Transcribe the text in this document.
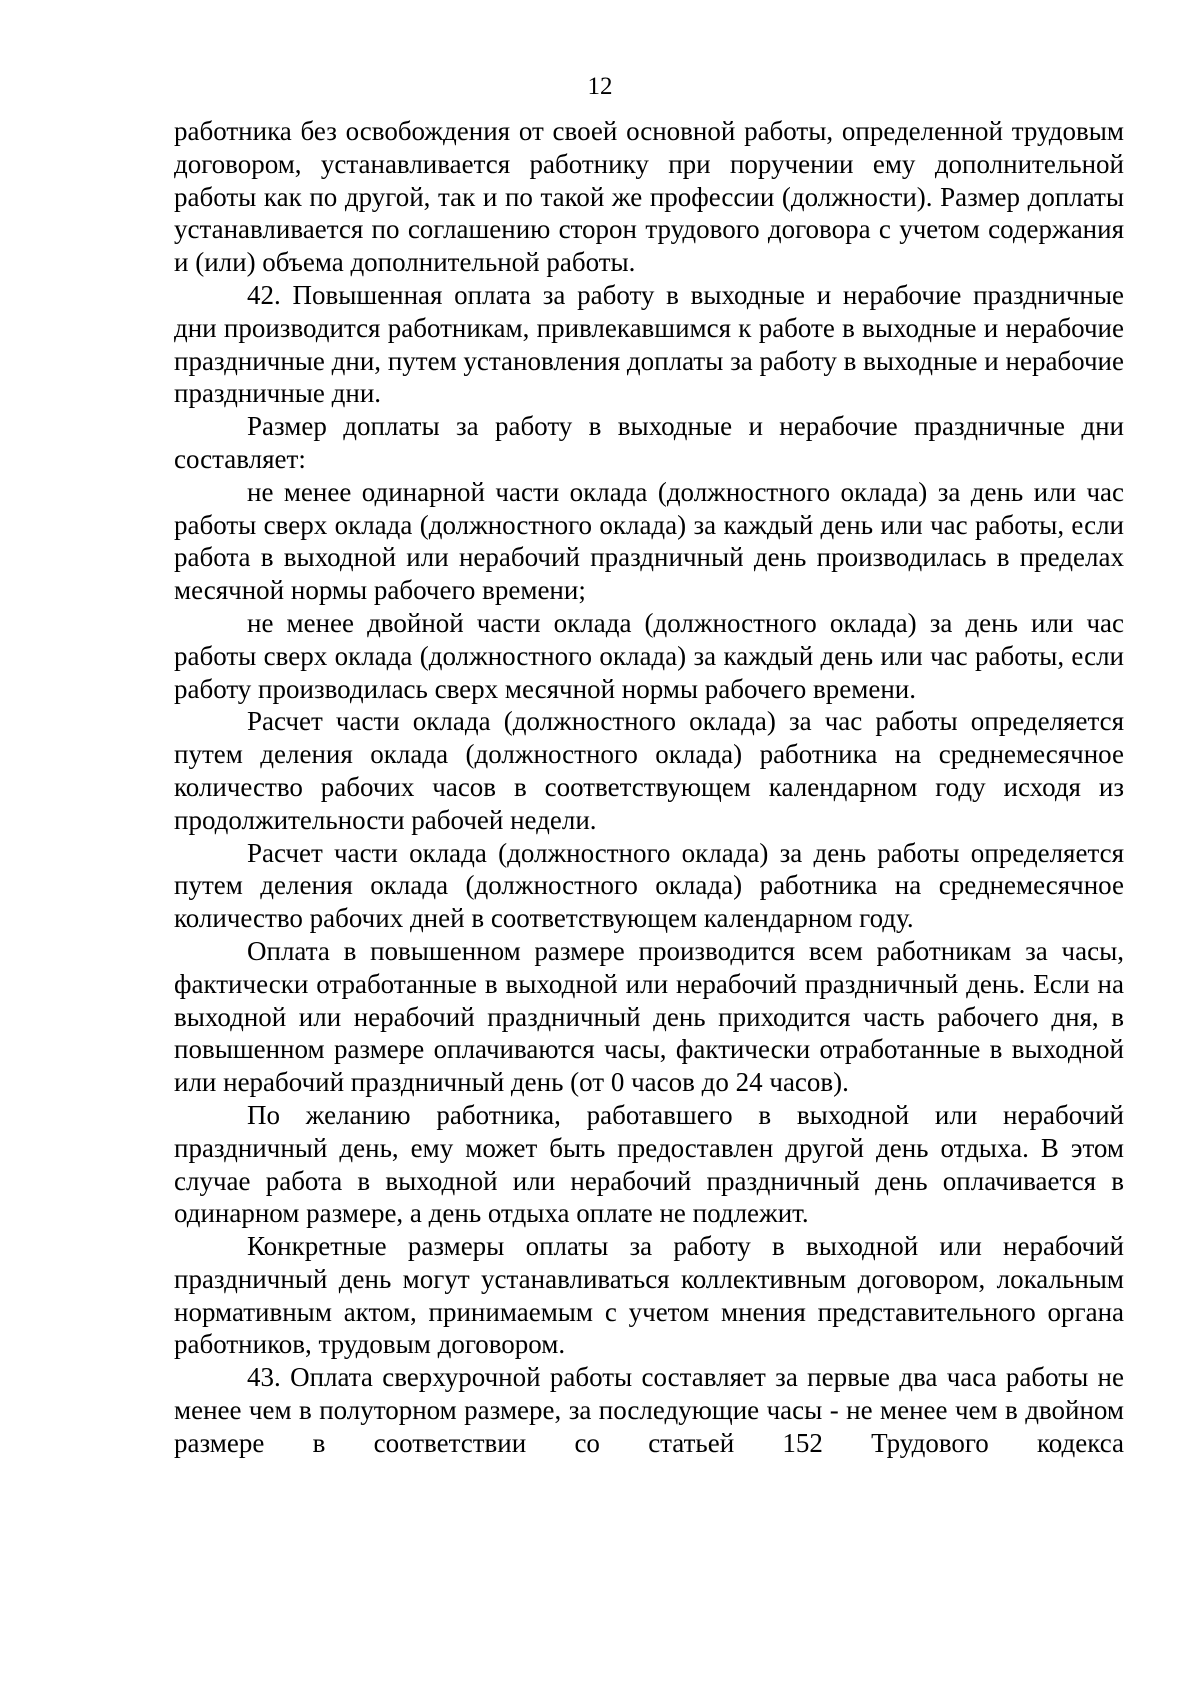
12

работника без освобождения от своей основной работы, определенной трудовым договором, устанавливается работнику при поручении ему дополнительной работы как по другой, так и по такой же профессии (должности). Размер доплаты устанавливается по соглашению сторон трудового договора с учетом содержания и (или) объема дополнительной работы.

42. Повышенная оплата за работу в выходные и нерабочие праздничные дни производится работникам, привлекавшимся к работе в выходные и нерабочие праздничные дни, путем установления доплаты за работу в выходные и нерабочие праздничные дни.

Размер доплаты за работу в выходные и нерабочие праздничные дни составляет:

не менее одинарной части оклада (должностного оклада) за день или час работы сверх оклада (должностного оклада) за каждый день или час работы, если работа в выходной или нерабочий праздничный день производилась в пределах месячной нормы рабочего времени;

не менее двойной части оклада (должностного оклада) за день или час работы сверх оклада (должностного оклада) за каждый день или час работы, если работу производилась сверх месячной нормы рабочего времени.

Расчет части оклада (должностного оклада) за час работы определяется путем деления оклада (должностного оклада) работника на среднемесячное количество рабочих часов в соответствующем календарном году исходя из продолжительности рабочей недели.

Расчет части оклада (должностного оклада) за день работы определяется путем деления оклада (должностного оклада) работника на среднемесячное количество рабочих дней в соответствующем календарном году.

Оплата в повышенном размере производится всем работникам за часы, фактически отработанные в выходной или нерабочий праздничный день. Если на выходной или нерабочий праздничный день приходится часть рабочего дня, в повышенном размере оплачиваются часы, фактически отработанные в выходной или нерабочий праздничный день (от 0 часов до 24 часов).

По желанию работника, работавшего в выходной или нерабочий праздничный день, ему может быть предоставлен другой день отдыха. В этом случае работа в выходной или нерабочий праздничный день оплачивается в одинарном размере, а день отдыха оплате не подлежит.

Конкретные размеры оплаты за работу в выходной или нерабочий праздничный день могут устанавливаться коллективным договором, локальным нормативным актом, принимаемым с учетом мнения представительного органа работников, трудовым договором.

43. Оплата сверхурочной работы составляет за первые два часа работы не менее чем в полуторном размере, за последующие часы - не менее чем в двойном размере в соответствии со статьей 152 Трудового кодекса
